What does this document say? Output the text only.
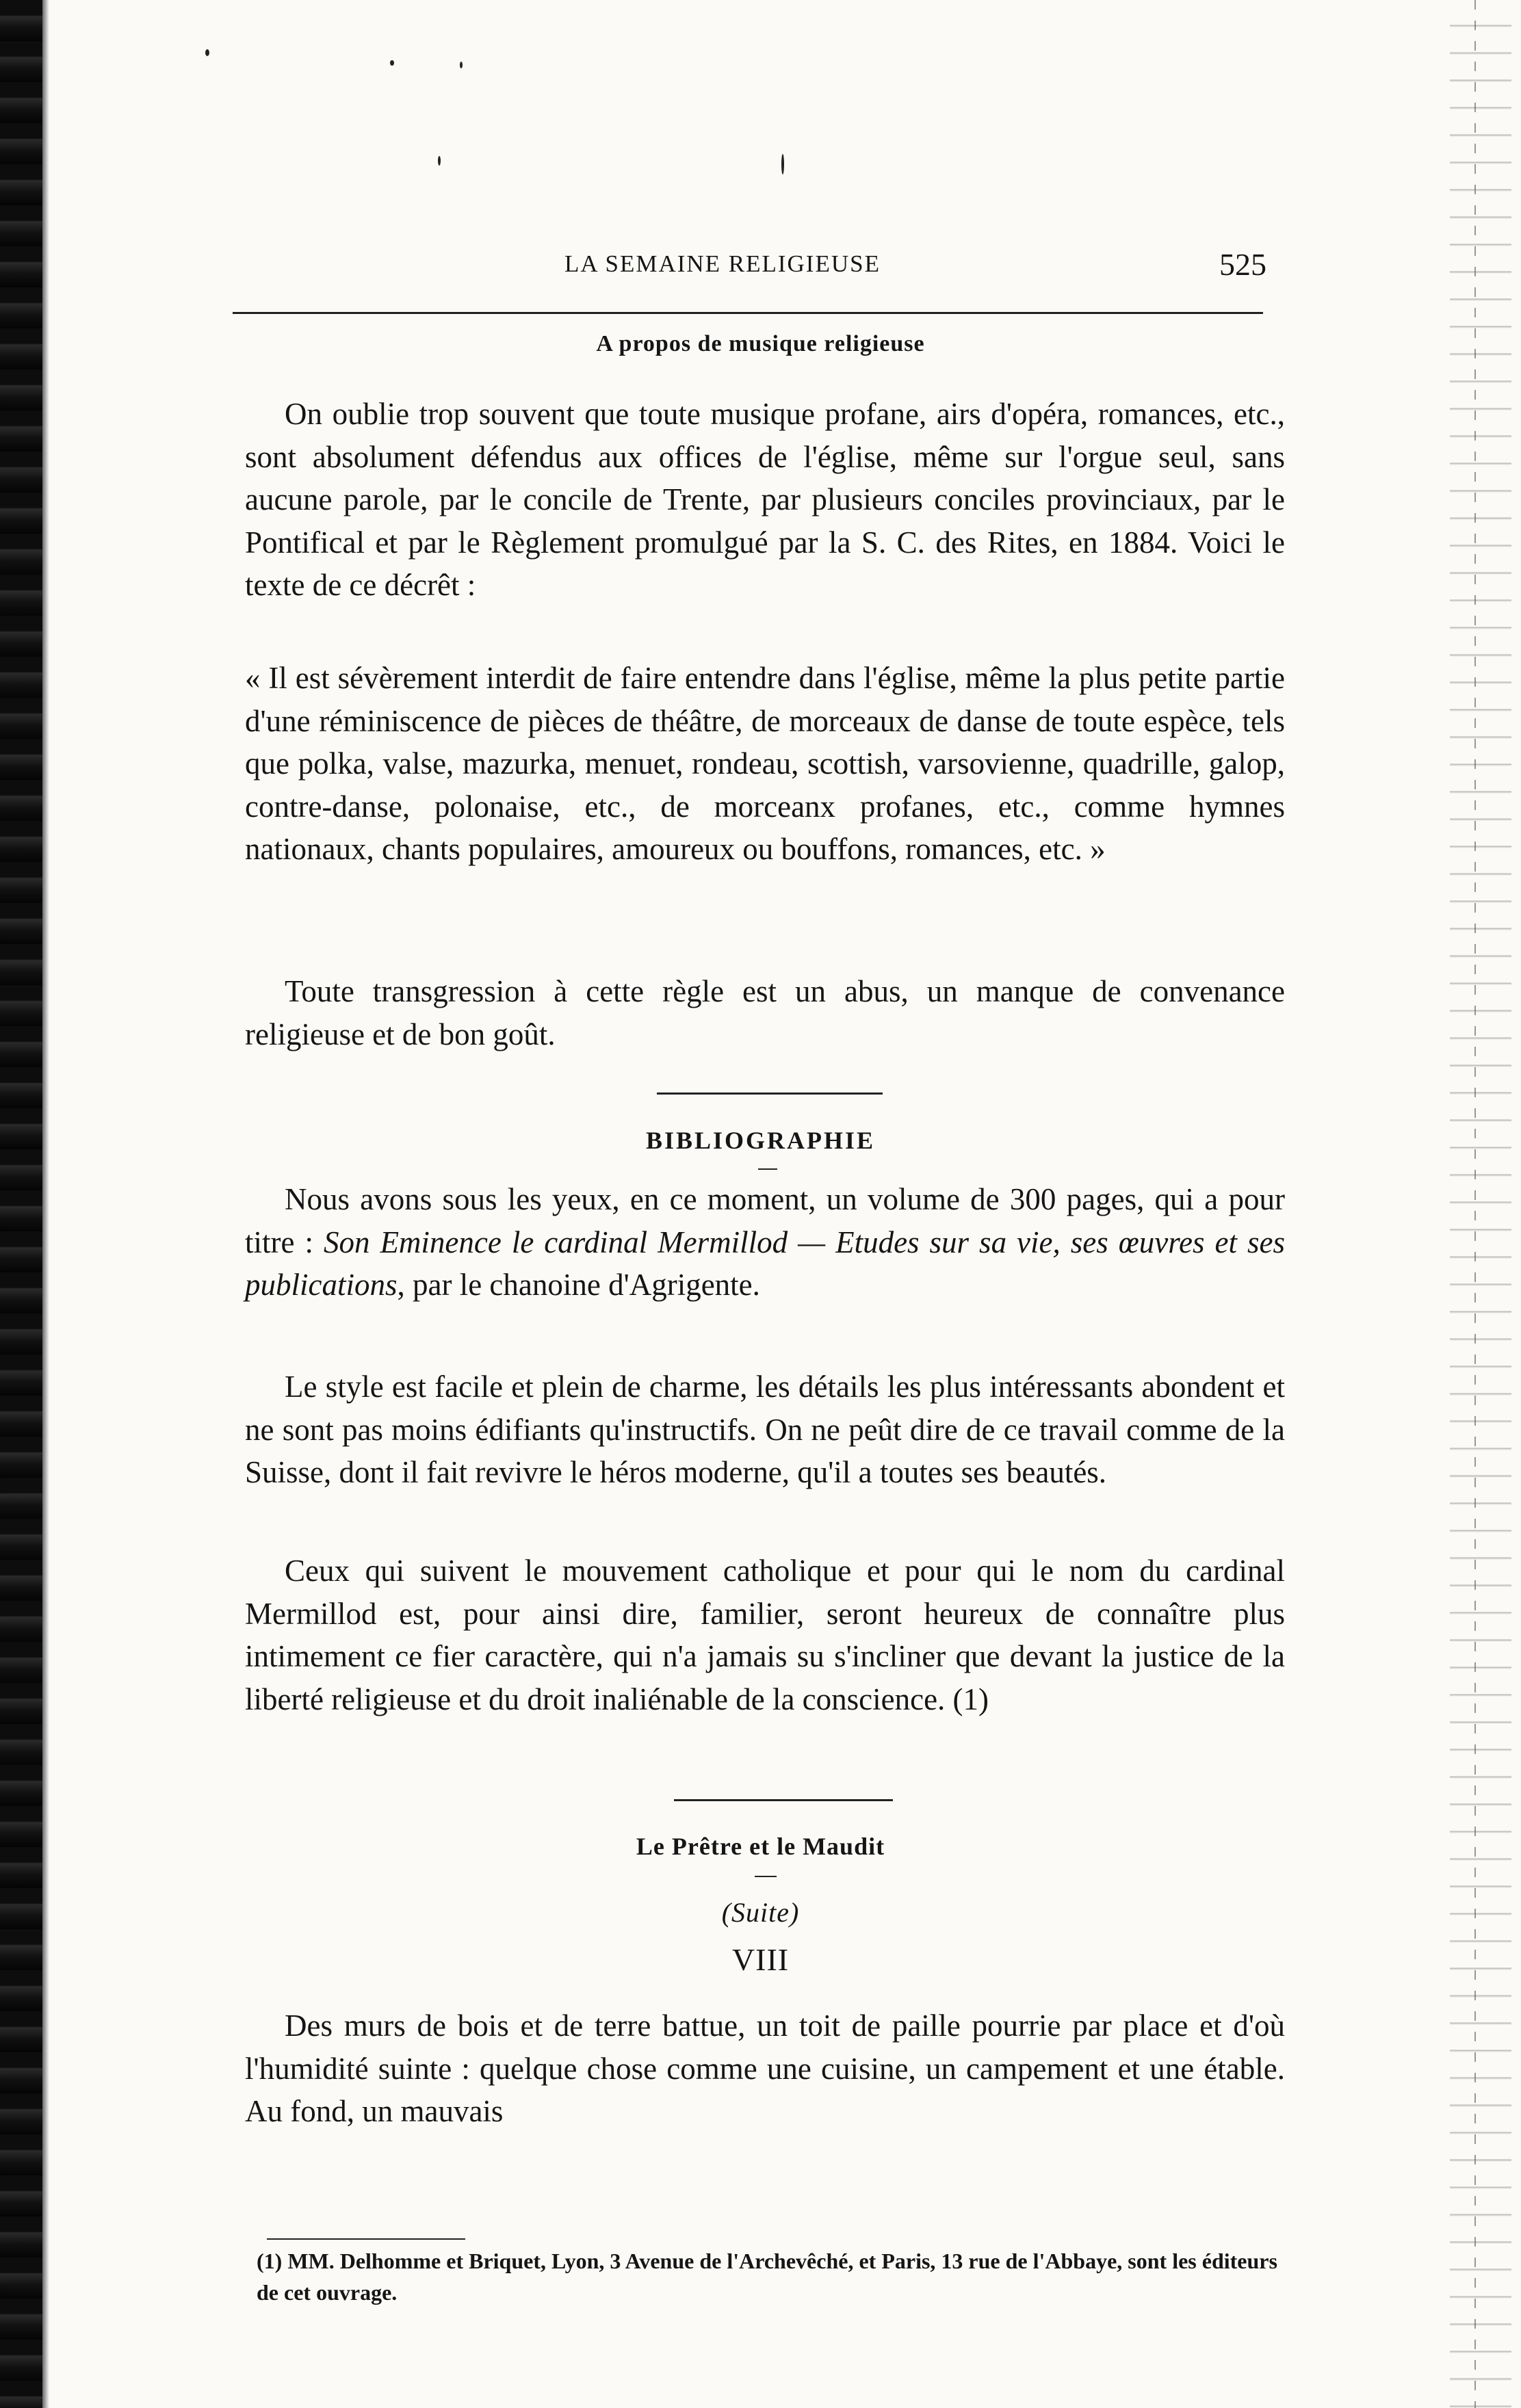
LA SEMAINE RELIGIEUSE	525
A propos de musique religieuse

On oublie trop souvent que toute musique profane, airs d'opéra, romances, etc., sont absolument défendus aux offices de l'église, même sur l'orgue seul, sans aucune parole, par le concile de Trente, par plusieurs conciles provinciaux, par le Pontifical et par le Règlement promulgué par la S. C. des Rites, en 1884. Voici le texte de ce décrêt :

« Il est sévèrement interdit de faire entendre dans l'église, même la plus petite partie d'une réminiscence de pièces de théâtre, de morceaux de danse de toute espèce, tels que polka, valse, mazurka, menuet, rondeau, scottish, varsovienne, quadrille, galop, contre-danse, polonaise, etc., de morceanx profanes, etc., comme hymnes nationaux, chants populaires, amoureux ou bouffons, romances, etc. »

Toute transgression à cette règle est un abus, un manque de convenance religieuse et de bon goût.

BIBLIOGRAPHIE

Nous avons sous les yeux, en ce moment, un volume de 300 pages, qui a pour titre : Son Eminence le cardinal Mermillod — Etudes sur sa vie, ses œuvres et ses publications, par le chanoine d'Agrigente.

Le style est facile et plein de charme, les détails les plus intéressants abondent et ne sont pas moins édifiants qu'instructifs. On ne peût dire de ce travail comme de la Suisse, dont il fait revivre le héros moderne, qu'il a toutes ses beautés.

Ceux qui suivent le mouvement catholique et pour qui le nom du cardinal Mermillod est, pour ainsi dire, familier, seront heureux de connaître plus intimement ce fier caractère, qui n'a jamais su s'incliner que devant la justice de la liberté religieuse et du droit inaliénable de la conscience. (1)

Le Prêtre et le Maudit
(Suite)
VIII

Des murs de bois et de terre battue, un toit de paille pourrie par place et d'où l'humidité suinte : quelque chose comme une cuisine, un campement et une étable. Au fond, un mauvais

(1) MM. Delhomme et Briquet, Lyon, 3 Avenue de l'Archevêché, et Paris, 13 rue de l'Abbaye, sont les éditeurs de cet ouvrage.
